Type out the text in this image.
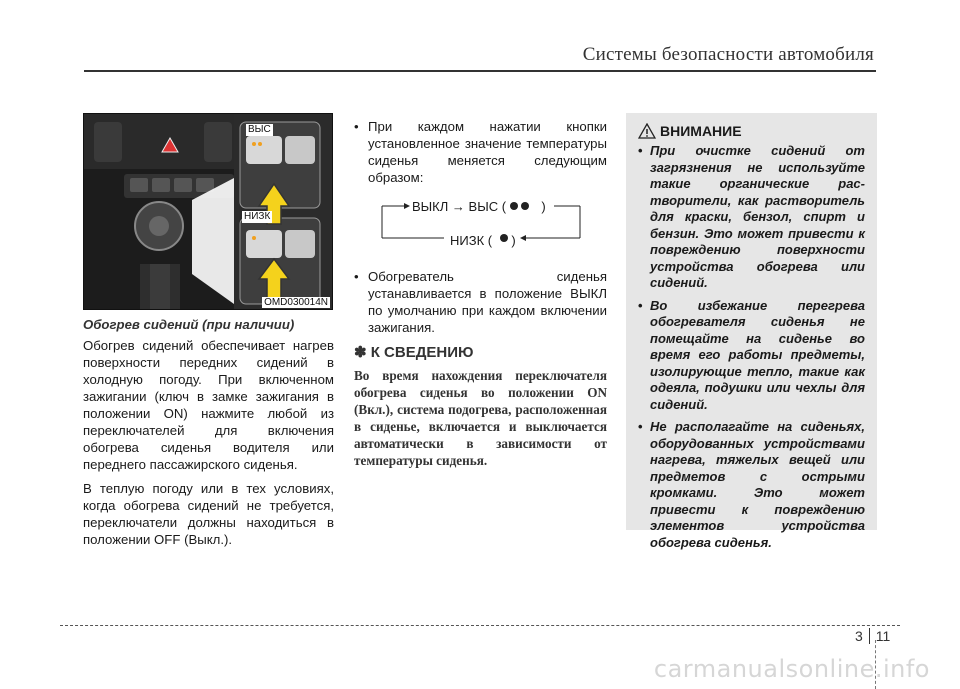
Системы безопасности автомобиля
ВЫС
НИЗК
OMD030014N
Обогрев сидений (при наличии)
Обогрев сидений обеспечивает нагрев поверхности передних сидений в холодную погоду. При включенном зажигании (ключ в замке зажигания в положении ON) нажмите любой из переключателей для включения обогрева сиденья водителя или переднего пассажирского сиденья.
В теплую погоду или в тех условиях, когда обогрева сидений не требуется, переключатели должны находиться в положении OFF (Выкл.).
• При каждом нажатии кнопки установленное значение температуры сиденья меняется следующим образом:
ВЫКЛ → ВЫС (	)
НИЗК ( )
• Обогреватель сиденья устанавливается в положение ВЫКЛ по умолчанию при каждом включении зажигания.
✽ К СВЕДЕНИЮ
Во время нахождения переключателя обогрева сиденья во положении ON (Вкл.), система подогрева, расположенная в сиденье, включается и выключается автоматически в зависимости от температуры сиденья.
ВНИМАНИЕ
• При очистке сидений от загрязнения не используйте такие органические рас-творители, как растворитель для краски, бензол, спирт и бензин. Это может привести к повреждению поверхности устройства обогрева или сидений.
• Во избежание перегрева обогревателя сиденья не помещайте на сиденье во время его работы предметы, изолирующие тепло, такие как одеяла, подушки или чехлы для сидений.
• Не располагайте на сиденьях, оборудованных устройствами нагрева, тяжелых вещей или предметов с острыми кромками. Это может привести к повреждению элементов устройства обогрева сиденья.
3 11
carmanualsonline.info
